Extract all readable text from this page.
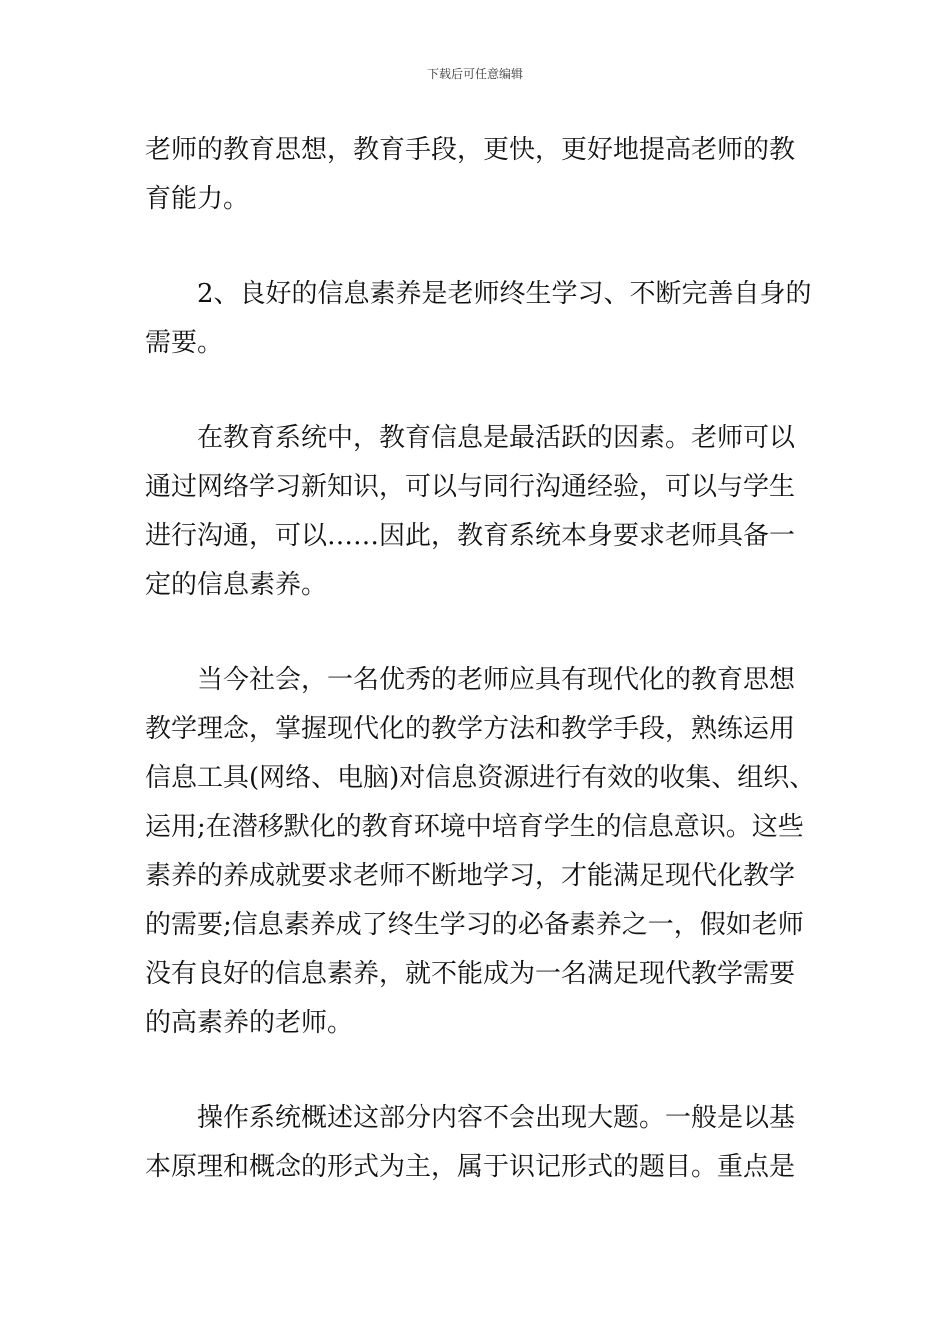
下载后可任意编辑

老师的教育思想，教育手段，更快，更好地提高老师的教
育能力。

2、良好的信息素养是老师终生学习、不断完善自身的
需要。

在教育系统中，教育信息是最活跃的因素。老师可以
通过网络学习新知识，可以与同行沟通经验，可以与学生
进行沟通，可以……因此，教育系统本身要求老师具备一
定的信息素养。

当今社会，一名优秀的老师应具有现代化的教育思想
教学理念，掌握现代化的教学方法和教学手段，熟练运用
信息工具(网络、电脑)对信息资源进行有效的收集、组织、
运用;在潜移默化的教育环境中培育学生的信息意识。这些
素养的养成就要求老师不断地学习，才能满足现代化教学
的需要;信息素养成了终生学习的必备素养之一，假如老师
没有良好的信息素养，就不能成为一名满足现代教学需要
的高素养的老师。

操作系统概述这部分内容不会出现大题。一般是以基
本原理和概念的形式为主，属于识记形式的题目。重点是
